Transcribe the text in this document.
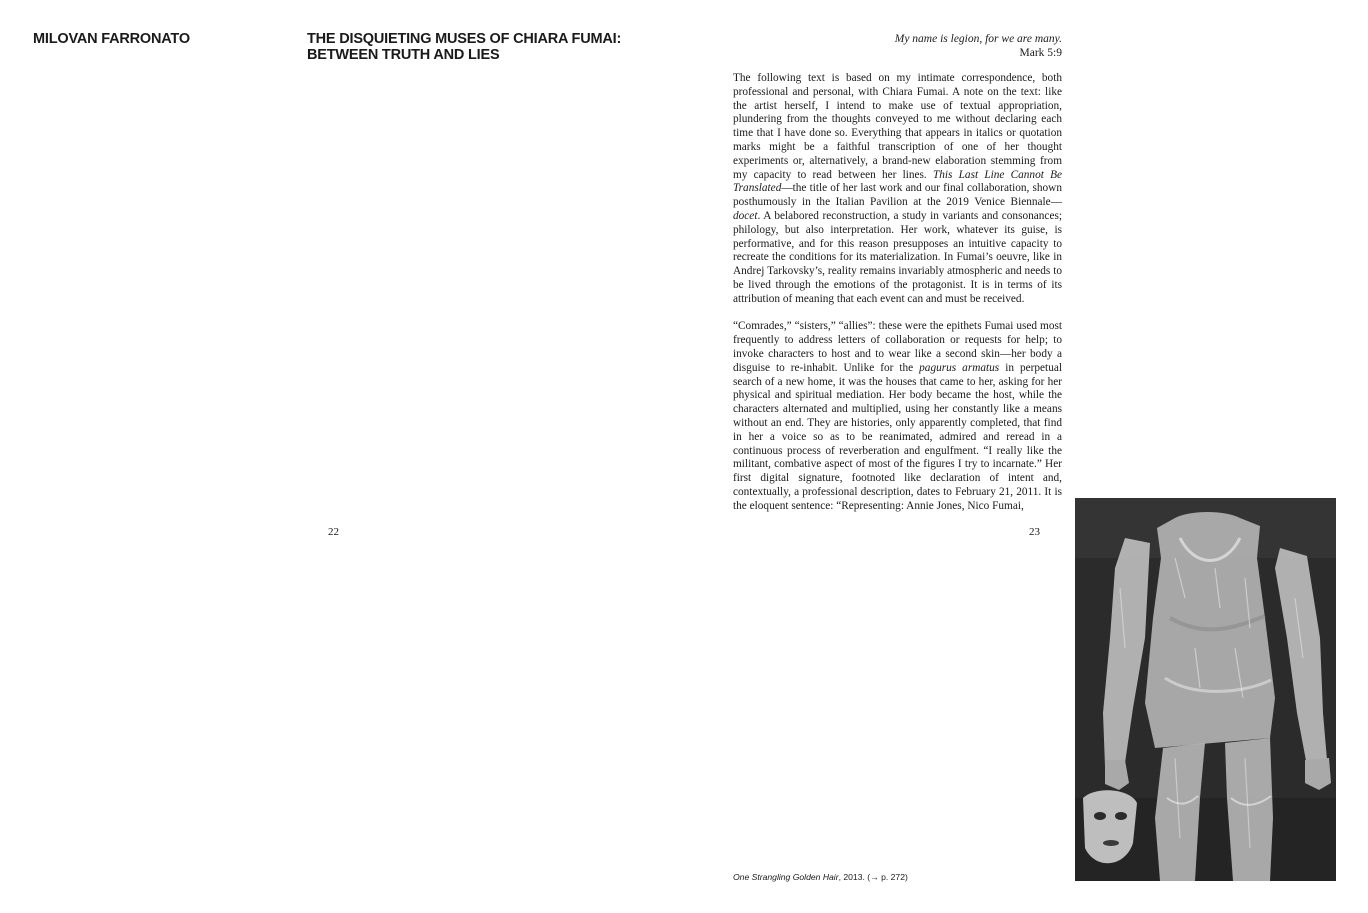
MILOVAN FARRONATO	THE DISQUIETING MUSES OF CHIARA FUMAI:
BETWEEN TRUTH AND LIES
My name is legion, for we are many.
Mark 5:9

The following text is based on my intimate correspondence, both professional and personal, with Chiara Fumai. A note on the text: like the artist herself, I intend to make use of textual appropriation, plundering from the thoughts conveyed to me without declaring each time that I have done so. Everything that appears in italics or quotation marks might be a faithful transcription of one of her thought experiments or, alternatively, a brand-new elaboration stemming from my capacity to read between her lines. This Last Line Cannot Be Translated—the title of her last work and our final collaboration, shown posthumously in the Italian Pavilion at the 2019 Venice Biennale—docet. A belabored reconstruction, a study in variants and consonances; philology, but also interpretation. Her work, whatever its guise, is performative, and for this reason presupposes an intuitive capacity to recreate the conditions for its materialization. In Fumai’s oeuvre, like in Andrej Tarkovsky’s, reality remains invariably atmospheric and needs to be lived through the emotions of the protagonist. It is in terms of its attribution of meaning that each event can and must be received.

“Comrades,” “sisters,” “allies”: these were the epithets Fumai used most frequently to address letters of collaboration or requests for help; to invoke characters to host and to wear like a second skin—her body a disguise to re-inhabit. Unlike for the pagurus armatus in perpetual search of a new home, it was the houses that came to her, asking for her physical and spiritual mediation. Her body became the host, while the characters alternated and multiplied, using her constantly like a means without an end. They are histories, only apparently completed, that find in her a voice so as to be reanimated, admired and reread in a continuous process of reverberation and engulfment. “I really like the militant, combative aspect of most of the figures I try to incarnate.” Her first digital signature, footnoted like declaration of intent and, contextually, a professional description, dates to February 21, 2011. It is the eloquent sentence: “Representing: Annie Jones, Nico Fumai,

22	23
One Strangling Golden Hair, 2013. (→ p. 272)
